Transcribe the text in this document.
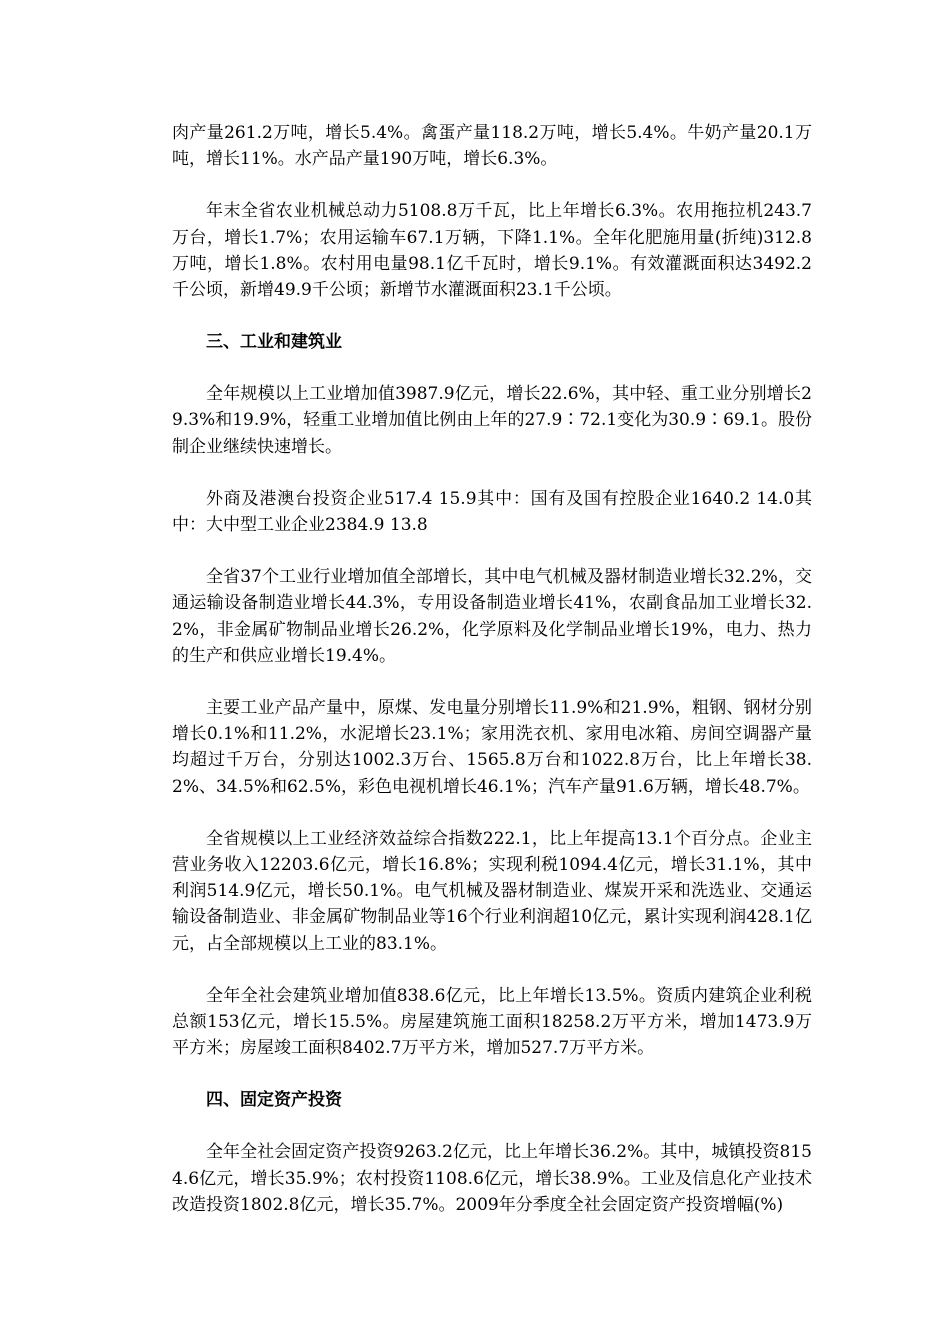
肉产量261.2万吨，增长5.4%。禽蛋产量118.2万吨，增长5.4%。牛奶产量20.1万吨，增长11%。水产品产量190万吨，增长6.3%。

年末全省农业机械总动力5108.8万千瓦，比上年增长6.3%。农用拖拉机243.7万台，增长1.7%；农用运输车67.1万辆，下降1.1%。全年化肥施用量(折纯)312.8万吨，增长1.8%。农村用电量98.1亿千瓦时，增长9.1%。有效灌溉面积达3492.2千公顷，新增49.9千公顷；新增节水灌溉面积23.1千公顷。

三、工业和建筑业

全年规模以上工业增加值3987.9亿元，增长22.6%，其中轻、重工业分别增长29.3%和19.9%，轻重工业增加值比例由上年的27.9∶72.1变化为30.9∶69.1。股份制企业继续快速增长。

外商及港澳台投资企业517.4 15.9其中：国有及国有控股企业1640.2 14.0其中：大中型工业企业2384.9 13.8

全省37个工业行业增加值全部增长，其中电气机械及器材制造业增长32.2%，交通运输设备制造业增长44.3%，专用设备制造业增长41%，农副食品加工业增长32.2%，非金属矿物制品业增长26.2%，化学原料及化学制品业增长19%，电力、热力的生产和供应业增长19.4%。

主要工业产品产量中，原煤、发电量分别增长11.9%和21.9%，粗钢、钢材分别增长0.1%和11.2%，水泥增长23.1%；家用洗衣机、家用电冰箱、房间空调器产量均超过千万台，分别达1002.3万台、1565.8万台和1022.8万台，比上年增长38.2%、34.5%和62.5%，彩色电视机增长46.1%；汽车产量91.6万辆，增长48.7%。

全省规模以上工业经济效益综合指数222.1，比上年提高13.1个百分点。企业主营业务收入12203.6亿元，增长16.8%；实现利税1094.4亿元，增长31.1%，其中利润514.9亿元，增长50.1%。电气机械及器材制造业、煤炭开采和洗选业、交通运输设备制造业、非金属矿物制品业等16个行业利润超10亿元，累计实现利润428.1亿元，占全部规模以上工业的83.1%。

全年全社会建筑业增加值838.6亿元，比上年增长13.5%。资质内建筑企业利税总额153亿元，增长15.5%。房屋建筑施工面积18258.2万平方米，增加1473.9万平方米；房屋竣工面积8402.7万平方米，增加527.7万平方米。

四、固定资产投资

全年全社会固定资产投资9263.2亿元，比上年增长36.2%。其中，城镇投资8154.6亿元，增长35.9%；农村投资1108.6亿元，增长38.9%。工业及信息化产业技术改造投资1802.8亿元，增长35.7%。2009年分季度全社会固定资产投资增幅(%)
